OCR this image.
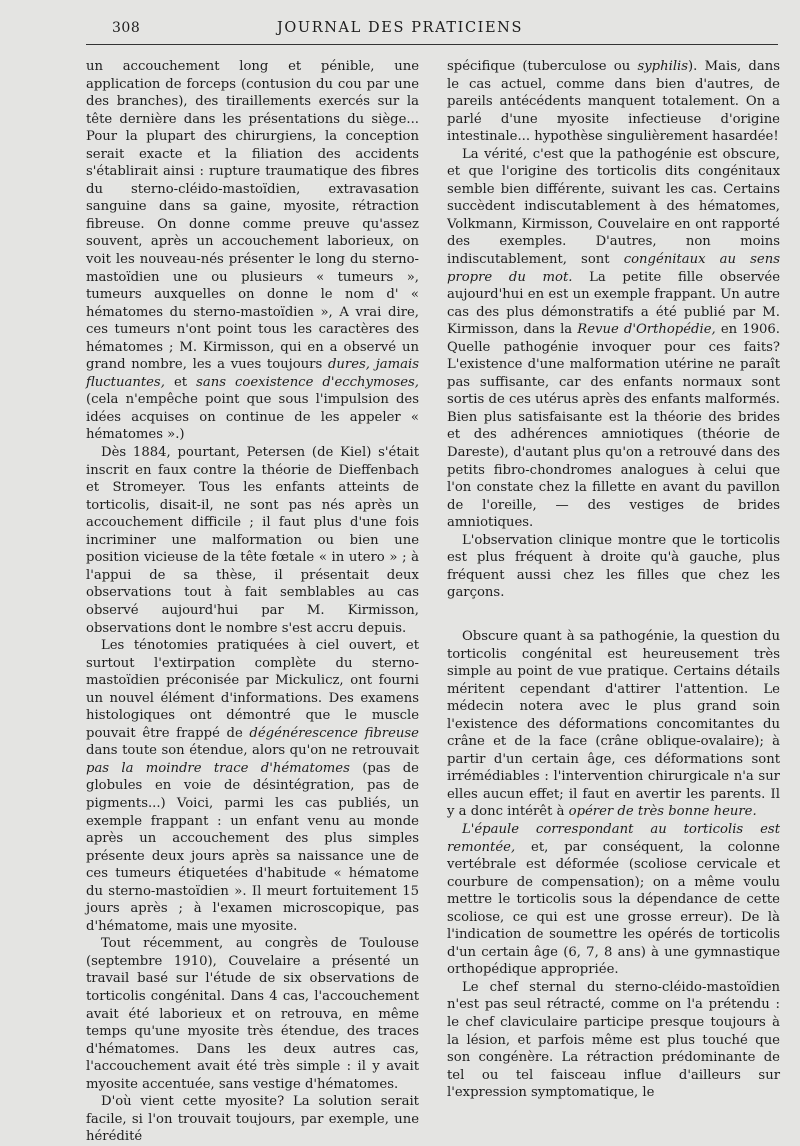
308	JOURNAL DES PRATICIENS

un accouchement long et pénible, une application de forceps (contusion du cou par une des branches), des tiraillements exercés sur la tête dernière dans les présentations du siège... Pour la plupart des chirurgiens, la conception serait exacte et la filiation des accidents s'établirait ainsi : rupture traumatique des fibres du sterno-cléido-mastoïdien, extravasation sanguine dans sa gaine, myosite, rétraction fibreuse. On donne comme preuve qu'assez souvent, après un accouchement laborieux, on voit les nouveau-nés présenter le long du sterno-mastoïdien une ou plusieurs « tumeurs », tumeurs auxquelles on donne le nom d' « hématomes du sterno-mastoïdien », A vrai dire, ces tumeurs n'ont point tous les caractères des hématomes ; M. Kirmisson, qui en a observé un grand nombre, les a vues toujours dures, jamais fluctuantes, et sans coexistence d'ecchymoses, (cela n'empêche point que sous l'impulsion des idées acquises on continue de les appeler « hématomes ».)

Dès 1884, pourtant, Petersen (de Kiel) s'était inscrit en faux contre la théorie de Dieffenbach et Stromeyer. Tous les enfants atteints de torticolis, disait-il, ne sont pas nés après un accouchement difficile ; il faut plus d'une fois incriminer une malformation ou bien une position vicieuse de la tête fœtale « in utero » ; à l'appui de sa thèse, il présentait deux observations tout à fait semblables au cas observé aujourd'hui par M. Kirmisson, observations dont le nombre s'est accru depuis.

Les ténotomies pratiquées à ciel ouvert, et surtout l'extirpation complète du sterno-mastoïdien préconisée par Mickulicz, ont fourni un nouvel élément d'informations. Des examens histologiques ont démontré que le muscle pouvait être frappé de dégénérescence fibreuse dans toute son étendue, alors qu'on ne retrouvait pas la moindre trace d'hématomes (pas de globules en voie de désintégration, pas de pigments...) Voici, parmi les cas publiés, un exemple frappant : un enfant venu au monde après un accouchement des plus simples présente deux jours après sa naissance une de ces tumeurs étiquetées d'habitude « hématome du sterno-mastoïdien ». Il meurt fortuitement 15 jours après ; à l'examen microscopique, pas d'hématome, mais une myosite.

Tout récemment, au congrès de Toulouse (septembre 1910), Couvelaire a présenté un travail basé sur l'étude de six observations de torticolis congénital. Dans 4 cas, l'accouchement avait été laborieux et on retrouva, en même temps qu'une myosite très étendue, des traces d'hématomes. Dans les deux autres cas, l'accouchement avait été très simple : il y avait myosite accentuée, sans vestige d'hématomes.

D'où vient cette myosite? La solution serait facile, si l'on trouvait toujours, par exemple, une hérédité

spécifique (tuberculose ou syphilis). Mais, dans le cas actuel, comme dans bien d'autres, de pareils antécédents manquent totalement. On a parlé d'une myosite infectieuse d'origine intestinale... hypothèse singulièrement hasardée!

La vérité, c'est que la pathogénie est obscure, et que l'origine des torticolis dits congénitaux semble bien différente, suivant les cas. Certains succèdent indiscutablement à des hématomes, Volkmann, Kirmisson, Couvelaire en ont rapporté des exemples. D'autres, non moins indiscutablement, sont congénitaux au sens propre du mot. La petite fille observée aujourd'hui en est un exemple frappant. Un autre cas des plus démonstratifs a été publié par M. Kirmisson, dans la Revue d'Orthopédie, en 1906. Quelle pathogénie invoquer pour ces faits? L'existence d'une malformation utérine ne paraît pas suffisante, car des enfants normaux sont sortis de ces utérus après des enfants malformés. Bien plus satisfaisante est la théorie des brides et des adhérences amniotiques (théorie de Dareste), d'autant plus qu'on a retrouvé dans des petits fibro-chondromes analogues à celui que l'on constate chez la fillette en avant du pavillon de l'oreille, — des vestiges de brides amniotiques.

L'observation clinique montre que le torticolis est plus fréquent à droite qu'à gauche, plus fréquent aussi chez les filles que chez les garçons.

Obscure quant à sa pathogénie, la question du torticolis congénital est heureusement très simple au point de vue pratique. Certains détails méritent cependant d'attirer l'attention. Le médecin notera avec le plus grand soin l'existence des déformations concomitantes du crâne et de la face (crâne oblique-ovalaire); à partir d'un certain âge, ces déformations sont irrémédiables : l'intervention chirurgicale n'a sur elles aucun effet; il faut en avertir les parents. Il y a donc intérêt à opérer de très bonne heure.

L'épaule correspondant au torticolis est remontée, et, par conséquent, la colonne vertébrale est déformée (scoliose cervicale et courbure de compensation); on a même voulu mettre le torticolis sous la dépendance de cette scoliose, ce qui est une grosse erreur). De là l'indication de soumettre les opérés de torticolis d'un certain âge (6, 7, 8 ans) à une gymnastique orthopédique appropriée.

Le chef sternal du sterno-cléido-mastoïdien n'est pas seul rétracté, comme on l'a prétendu : le chef claviculaire participe presque toujours à la lésion, et parfois même est plus touché que son congénère. La rétraction prédominante de tel ou tel faisceau influe d'ailleurs sur l'expression symptomatique, le
